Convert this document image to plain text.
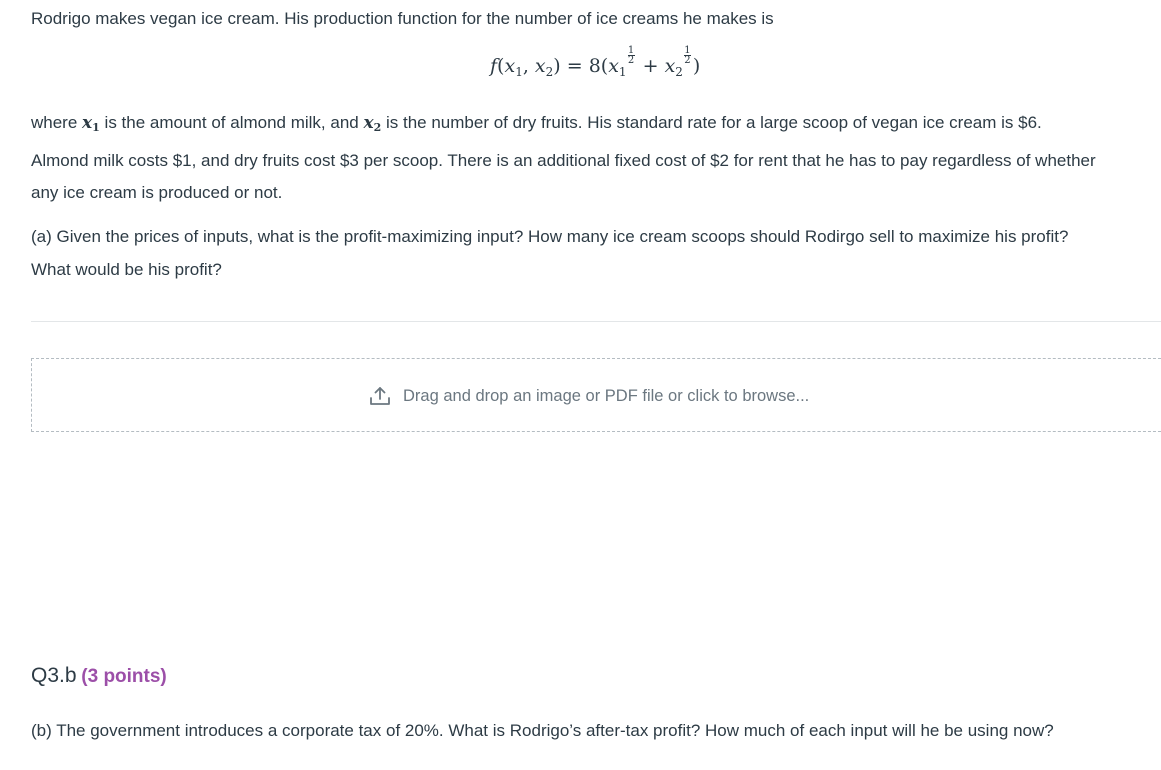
Rodrigo makes vegan ice cream. His production function for the number of ice creams he makes is

$f(x_1$, $x_2) = 8(x_1$
$\frac{1}{2} + x_2$
$\frac{1}{2}$ )
where $x_1$ is the amount of almond milk, and $x_2$ is the number of dry fruits. His standard rate for a large scoop of vegan ice cream is $6.
Almond milk costs $1, and dry fruits cost $3 per scoop. There is an additional fixed cost of $2 for rent that he has to pay regardless of whether
any ice cream is produced or not.
(a) Given the prices of inputs, what is the profit-maximizing input? How many ice cream scoops should Rodirgo sell to maximize his profit?
What would be his profit?
Drag and drop an image or PDF file or click to browse...
Q3.b (3 points)

(b) The government introduces a corporate tax of 20%. What is Rodrigo’s after-tax profit? How much of each input will he be using now?
